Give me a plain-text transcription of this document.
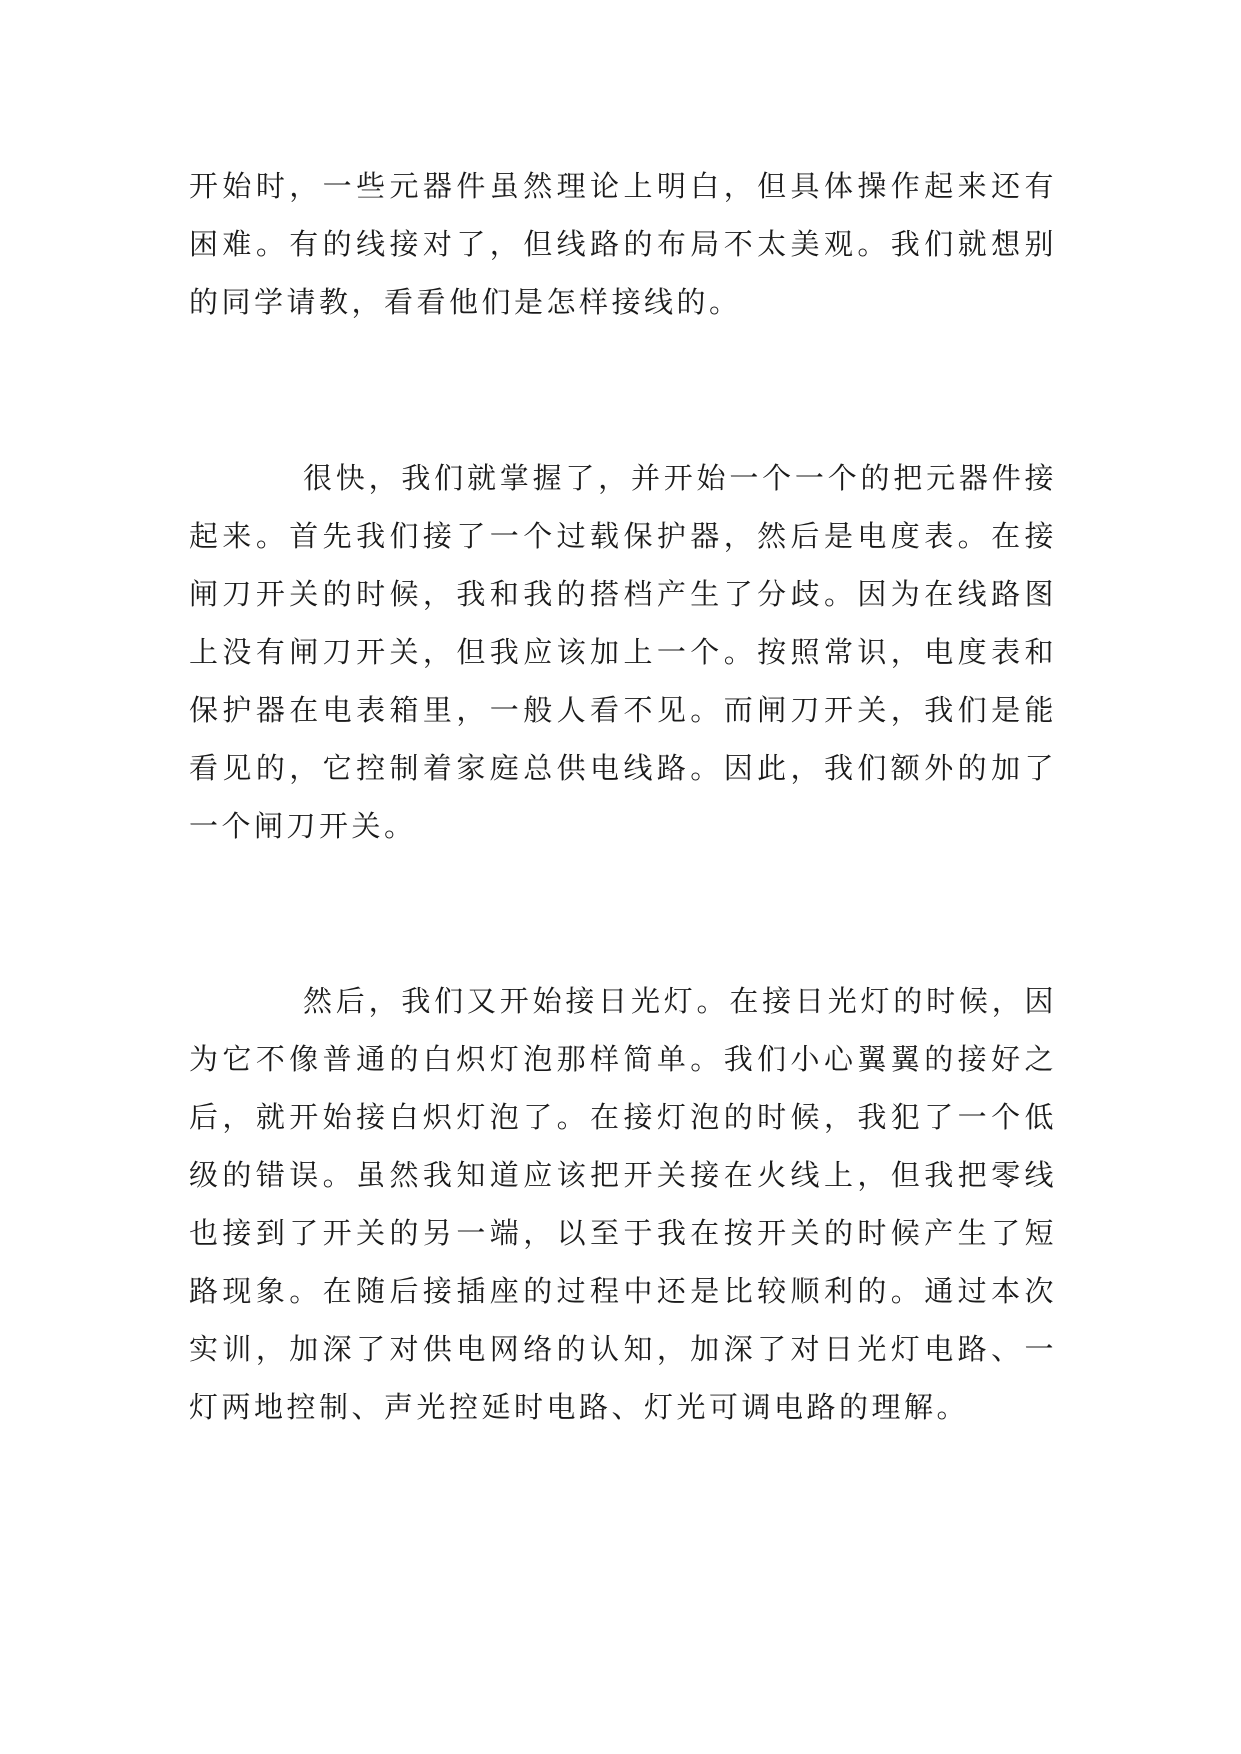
开始时，一些元器件虽然理论上明白，但具体操作起来还有困难。有的线接对了，但线路的布局不太美观。我们就想别的同学请教，看看他们是怎样接线的。

很快，我们就掌握了，并开始一个一个的把元器件接起来。首先我们接了一个过载保护器，然后是电度表。在接闸刀开关的时候，我和我的搭档产生了分歧。因为在线路图上没有闸刀开关，但我应该加上一个。按照常识，电度表和保护器在电表箱里，一般人看不见。而闸刀开关，我们是能看见的，它控制着家庭总供电线路。因此，我们额外的加了一个闸刀开关。

然后，我们又开始接日光灯。在接日光灯的时候，因为它不像普通的白炽灯泡那样简单。我们小心翼翼的接好之后，就开始接白炽灯泡了。在接灯泡的时候，我犯了一个低级的错误。虽然我知道应该把开关接在火线上，但我把零线也接到了开关的另一端，以至于我在按开关的时候产生了短路现象。在随后接插座的过程中还是比较顺利的。通过本次实训，加深了对供电网络的认知，加深了对日光灯电路、一灯两地控制、声光控延时电路、灯光可调电路的理解。
